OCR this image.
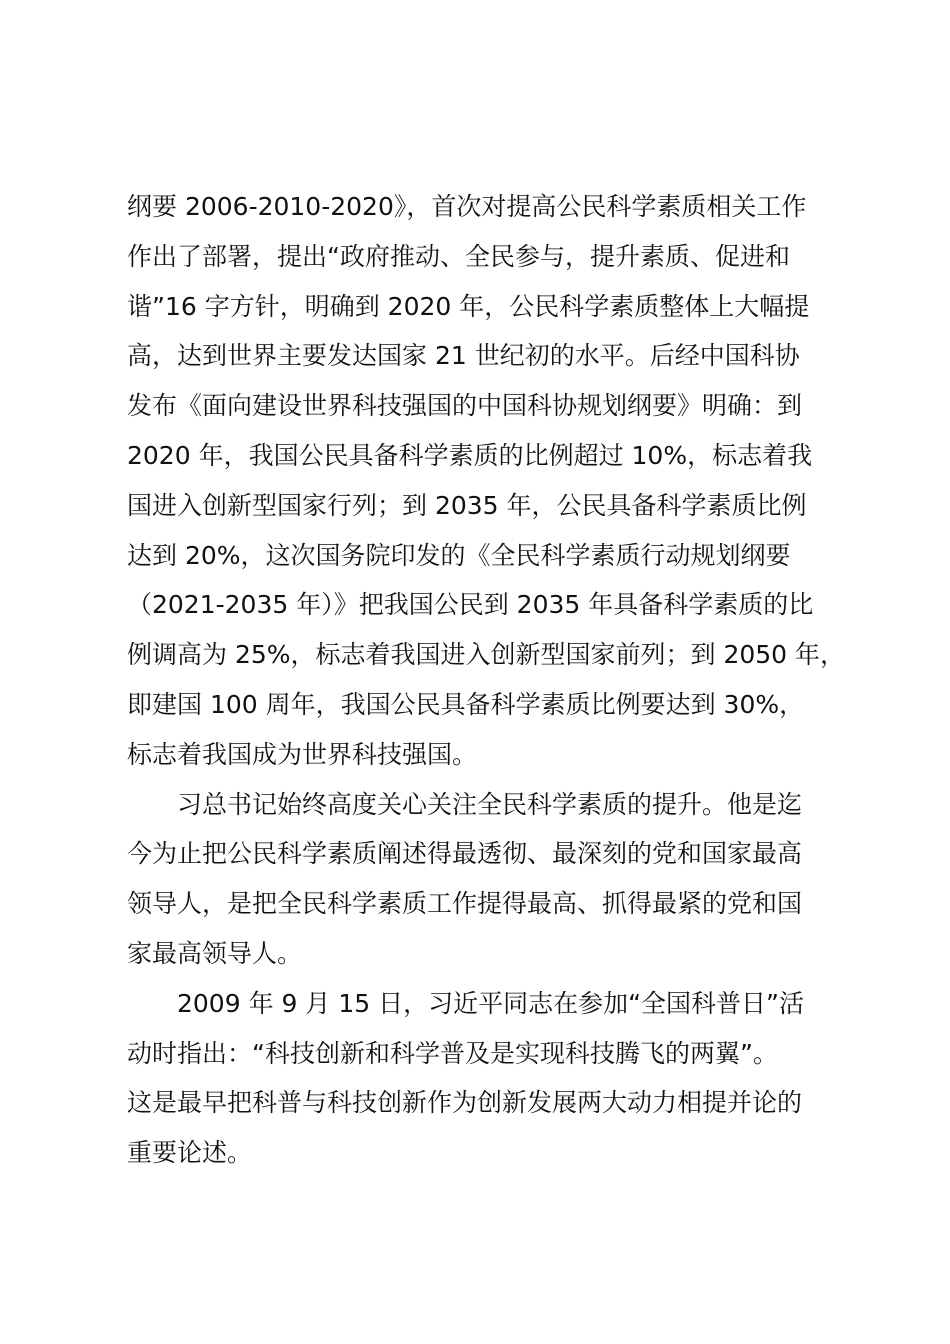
纲要 2006-2010-2020》，首次对提高公民科学素质相关工作
作出了部署，提出“政府推动、全民参与，提升素质、促进和
谐”16 字方针，明确到 2020 年，公民科学素质整体上大幅提
高，达到世界主要发达国家 21 世纪初的水平。后经中国科协
发布《面向建设世界科技强国的中国科协规划纲要》明确：到
2020 年，我国公民具备科学素质的比例超过 10%，标志着我
国进入创新型国家行列；到 2035 年，公民具备科学素质比例
达到 20%，这次国务院印发的《全民科学素质行动规划纲要
（2021-2035 年）》把我国公民到 2035 年具备科学素质的比
例调高为 25%，标志着我国进入创新型国家前列；到 2050 年，
即建国 100 周年，我国公民具备科学素质比例要达到 30%，
标志着我国成为世界科技强国。
习总书记始终高度关心关注全民科学素质的提升。他是迄
今为止把公民科学素质阐述得最透彻、最深刻的党和国家最高
领导人，是把全民科学素质工作提得最高、抓得最紧的党和国
家最高领导人。
2009 年 9 月 15 日，习近平同志在参加“全国科普日”活
动时指出：“科技创新和科学普及是实现科技腾飞的两翼”。
这是最早把科普与科技创新作为创新发展两大动力相提并论的
重要论述。
